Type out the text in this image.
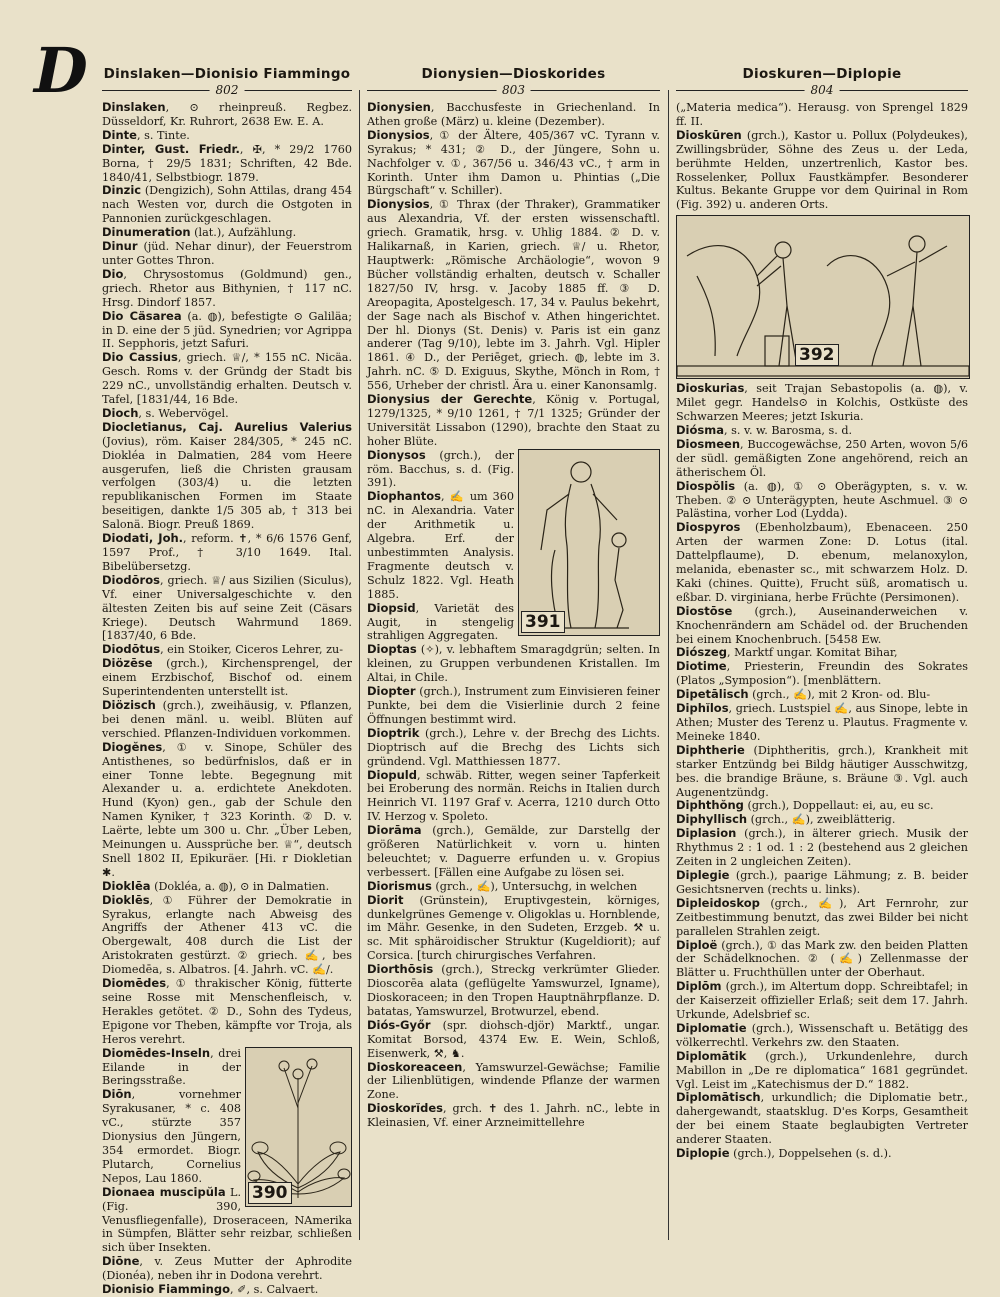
D Dinslaken—Dionisio Fiammingo
802

Dinslaken, ⊙ rheinpreuß. Regbez. Düsseldorf, Kr. Ruhrort, 2638 Ew. E. A.

Dinte, s. Tinte.

Dinter, Gust. Friedr., ✠, * 29/2 1760 Borna, † 29/5 1831; Schriften, 42 Bde. 1840/41, Selbstbiogr. 1879.

Dinzic (Dengizich), Sohn Attilas, drang 454 nach Westen vor, durch die Ostgoten in Pannonien zurückgeschlagen.

Dinumeration (lat.), Aufzählung.

Dinur (jüd. Nehar dinur), der Feuerstrom unter Gottes Thron.

Dio, Chrysostomus (Goldmund) gen., griech. Rhetor aus Bithynien, † 117 nC. Hrsg. Dindorf 1857.

Dio Cäsarea (a. ◍), befestigte ⊙ Galiläa; in D. eine der 5 jüd. Synedrien; vor Agrippa II. Sepphoris, jetzt Safuri.

Dio Cassius, griech. ♕/, * 155 nC. Nicäa. Gesch. Roms v. der Gründg der Stadt bis 229 nC., unvollständig erhalten. Deutsch v. Tafel, [1831/44, 16 Bde.

Dioch, s. Webervögel.

Diocletianus, Caj. Aurelius Valerius (Jovius), röm. Kaiser 284/305, * 245 nC. Diokléa in Dalmatien, 284 vom Heere ausgerufen, ließ die Christen grausam verfolgen (303/4) u. die letzten republikanischen Formen im Staate beseitigen, dankte 1/5 305 ab, † 313 bei Salonä. Biogr. Preuß 1869.

Diodati, Joh., reform. ✝, * 6/6 1576 Genf, 1597 Prof., † 3/10 1649. Ital. Bibelübersetzg.

Diodōros, griech. ♕/ aus Sizilien (Siculus), Vf. einer Universalgeschichte v. den ältesten Zeiten bis auf seine Zeit (Cäsars Kriege). Deutsch Wahrmund 1869. [1837/40, 6 Bde.

Diodōtus, ein Stoiker, Ciceros Lehrer, zu-

Diözēse (grch.), Kirchensprengel, der einem Erzbischof, Bischof od. einem Superintendenten unterstellt ist.

Diözisch (grch.), zweihäusig, v. Pflanzen, bei denen mänl. u. weibl. Blüten auf verschied. Pflanzen-Individuen vorkommen.

Diogĕnes, ① v. Sinope, Schüler des Antisthenes, so bedürfnislos, daß er in einer Tonne lebte. Begegnung mit Alexander u. a. erdichtete Anekdoten. Hund (Kyon) gen., gab der Schule den Namen Kyniker, † 323 Korinth. ② D. v. Laërte, lebte um 300 u. Chr. „Über Leben, Meinungen u. Aussprüche ber. ♕“, deutsch Snell 1802 II, Epikuräer. [Hi. r Diokletian ✱.

Dioklēa (Dokléa, a. ◍), ⊙ in Dalmatien.

Dioklēs, ① Führer der Demokratie in Syrakus, erlangte nach Abweisg des Angriffs der Athener 413 vC. die Obergewalt, 408 durch die List der Aristokraten gestürzt. ② griech. ✍, bes Diomedēa, s. Albatros. [4. Jahrh. vC. ✍/.

Diomēdes, ① thrakischer König, fütterte seine Rosse mit Menschenfleisch, v. Herakles getötet. ② D., Sohn des Tydeus, Epigone vor Theben, kämpfte vor Troja, als Heros verehrt.

390

Diomēdes-Inseln, drei Eilande in der Beringsstraße.

Diōn, vornehmer Syrakusaner, * c. 408 vC., stürzte 357 Dionysius den Jüngern, 354 ermordet. Biogr. Plutarch, Cornelius Nepos, Lau 1860.

Dionaea muscipŭla L. (Fig. 390, Venusfliegenfalle), Droseraceen, NAmerika in Sümpfen, Blätter sehr reizbar, schließen sich über Insekten.

Diōne, v. Zeus Mutter der Aphrodite (Dionéa), neben ihr in Dodona verehrt.

Dionisio Fiammingo, ✐, s. Calvaert.

Dionysien—Dioskorides
803

Dionysien, Bacchusfeste in Griechenland. In Athen große (März) u. kleine (Dezember).

Dionysios, ① der Ältere, 405/367 vC. Tyrann v. Syrakus; * 431; ② D., der Jüngere, Sohn u. Nachfolger v. ①, 367/56 u. 346/43 vC., † arm in Korinth. Unter ihm Damon u. Phintias („Die Bürgschaft“ v. Schiller).

Dionysios, ① Thrax (der Thraker), Grammatiker aus Alexandria, Vf. der ersten wissenschaftl. griech. Gramatik, hrsg. v. Uhlig 1884. ② D. v. Halikarnaß, in Karien, griech. ♕/ u. Rhetor, Hauptwerk: „Römische Archäologie“, wovon 9 Bücher vollständig erhalten, deutsch v. Schaller 1827/50 IV, hrsg. v. Jacoby 1885 ff. ③ D. Areopagita, Apostelgesch. 17, 34 v. Paulus bekehrt, der Sage nach als Bischof v. Athen hingerichtet. Der hl. Dionys (St. Denis) v. Paris ist ein ganz anderer (Tag 9/10), lebte im 3. Jahrh. Vgl. Hipler 1861. ④ D., der Periēget, griech. ◍, lebte im 3. Jahrh. nC. ⑤ D. Exiguus, Skythe, Mönch in Rom, † 556, Urheber der christl. Ära u. einer Kanonsamlg.

Dionysius der Gerechte, König v. Portugal, 1279/1325, * 9/10 1261, † 7/1 1325; Gründer der Universität Lissabon (1290), brachte den Staat zu hoher Blüte.

391

Dionysos (grch.), der röm. Bacchus, s. d. (Fig. 391).

Diophantos, ✍ um 360 nC. in Alexandria. Vater der Arithmetik u. Algebra. Erf. der unbestimmten Analysis. Fragmente deutsch v. Schulz 1822. Vgl. Heath 1885.

Diopsid, Varietät des Augit, in stengelig strahligen Aggregaten.

Dioptas (✧), v. lebhaftem Smaragdgrün; selten. In kleinen, zu Gruppen verbundenen Kristallen. Im Altai, in Chile.

Diopter (grch.), Instrument zum Einvisieren feiner Punkte, bei dem die Visierlinie durch 2 feine Öffnungen bestimmt wird.

Dioptrik (grch.), Lehre v. der Brechg des Lichts. Dioptrisch auf die Brechg des Lichts sich gründend. Vgl. Matthiessen 1877.

Diopuld, schwäb. Ritter, wegen seiner Tapferkeit bei Eroberung des normän. Reichs in Italien durch Heinrich VI. 1197 Graf v. Acerra, 1210 durch Otto IV. Herzog v. Spoleto.

Diorāma (grch.), Gemälde, zur Darstellg der größeren Natürlichkeit v. vorn u. hinten beleuchtet; v. Daguerre erfunden u. v. Gropius verbessert. [Fällen eine Aufgabe zu lösen sei.

Diorismus (grch., ✍), Untersuchg, in welchen

Diorit (Grünstein), Eruptivgestein, körniges, dunkelgrünes Gemenge v. Oligoklas u. Hornblende, im Mähr. Gesenke, in den Sudeten, Erzgeb. ⚒ u. sc. Mit sphäroidischer Struktur (Kugeldiorit); auf Corsica. [turch chirurgisches Verfahren.

Diorthōsis (grch.), Streckg verkrümter Glieder. Dioscorēa alata (geflügelte Yamswurzel, Igname), Dioskoraceen; in den Tropen Hauptnährpflanze. D. batatas, Yamswurzel, Brotwurzel, ebend.

Diós-Győr (spr. diohsch-djör) Marktf., ungar. Komitat Borsod, 4374 Ew. E. Wein, Schloß, Eisenwerk, ⚒, ♞.

Dioskoreaceen, Yamswurzel-Gewächse; Familie der Lilienblütigen, windende Pflanze der warmen Zone.

Dioskorĭdes, grch. ✝ des 1. Jahrh. nC., lebte in Kleinasien, Vf. einer Arzneimittellehre

Dioskuren—Diplopie
804

(„Materia medica“). Herausg. von Sprengel 1829 ff. II.

Dioskūren (grch.), Kastor u. Pollux (Polydeukes), Zwillingsbrüder, Söhne des Zeus u. der Leda, berühmte Helden, unzertrenlich, Kastor bes. Rosselenker, Pollux Faustkämpfer. Besonderer Kultus. Bekante Gruppe vor dem Quirinal in Rom (Fig. 392) u. anderen Orts.

392

Dioskurias, seit Trajan Sebastopolis (a. ◍), v. Milet gegr. Handels⊙ in Kolchis, Ostküste des Schwarzen Meeres; jetzt Iskuria.

Diósma, s. v. w. Barosma, s. d.

Diosmeen, Buccogewächse, 250 Arten, wovon 5/6 der südl. gemäßigten Zone angehörend, reich an ätherischem Öl.

Diospŏlis (a. ◍), ① ⊙ Oberägypten, s. v. w. Theben. ② ⊙ Unterägypten, heute Aschmuel. ③ ⊙ Palästina, vorher Lod (Lydda).

Diospyros (Ebenholzbaum), Ebenaceen. 250 Arten der warmen Zone: D. Lotus (ital. Dattelpflaume), D. ebenum, melanoxylon, melanida, ebenaster sc., mit schwarzem Holz. D. Kaki (chines. Quitte), Frucht süß, aromatisch u. eßbar. D. virginiana, herbe Früchte (Persimonen).

Diostōse (grch.), Auseinanderweichen v. Knochenrändern am Schädel od. der Bruchenden bei einem Knochenbruch. [5458 Ew.

Diószeg, Marktf ungar. Komitat Bihar,

Diotime, Priesterin, Freundin des Sokrates (Platos „Symposion“). [menblättern.

Dipetālisch (grch., ✍), mit 2 Kron- od. Blu-

Diphĭlos, griech. Lustspiel ✍, aus Sinope, lebte in Athen; Muster des Terenz u. Plautus. Fragmente v. Meineke 1840.

Diphtherie (Diphtheritis, grch.), Krankheit mit starker Entzündg bei Bildg häutiger Ausschwitzg, bes. die brandige Bräune, s. Bräune ③. Vgl. auch Augenentzündg.

Diphthŏng (grch.), Doppellaut: ei, au, eu sc.

Diphyllisch (grch., ✍), zweiblätterig.

Diplasion (grch.), in älterer griech. Musik der Rhythmus 2 : 1 od. 1 : 2 (bestehend aus 2 gleichen Zeiten in 2 ungleichen Zeiten).

Diplegie (grch.), paarige Lähmung; z. B. beider Gesichtsnerven (rechts u. links).

Dipleidoskop (grch., ✍), Art Fernrohr, zur Zeitbestimmung benutzt, das zwei Bilder bei nicht parallelen Strahlen zeigt.

Diploë (grch.), ① das Mark zw. den beiden Platten der Schädelknochen. ② (✍) Zellenmasse der Blätter u. Fruchthüllen unter der Oberhaut.

Diplōm (grch.), im Altertum dopp. Schreibtafel; in der Kaiserzeit offizieller Erlaß; seit dem 17. Jahrh. Urkunde, Adelsbrief sc.

Diplomatie (grch.), Wissenschaft u. Betätigg des völkerrechtl. Verkehrs zw. den Staaten.

Diplomātik (grch.), Urkundenlehre, durch Mabillon in „De re diplomatica“ 1681 gegründet. Vgl. Leist im „Katechismus der D.“ 1882.

Diplomātisch, urkundlich; die Diplomatie betr., dahergewandt, staatsklug. D'es Korps, Gesamtheit der bei einem Staate beglaubigten Vertreter anderer Staaten.

Diplopie (grch.), Doppelsehen (s. d.).
